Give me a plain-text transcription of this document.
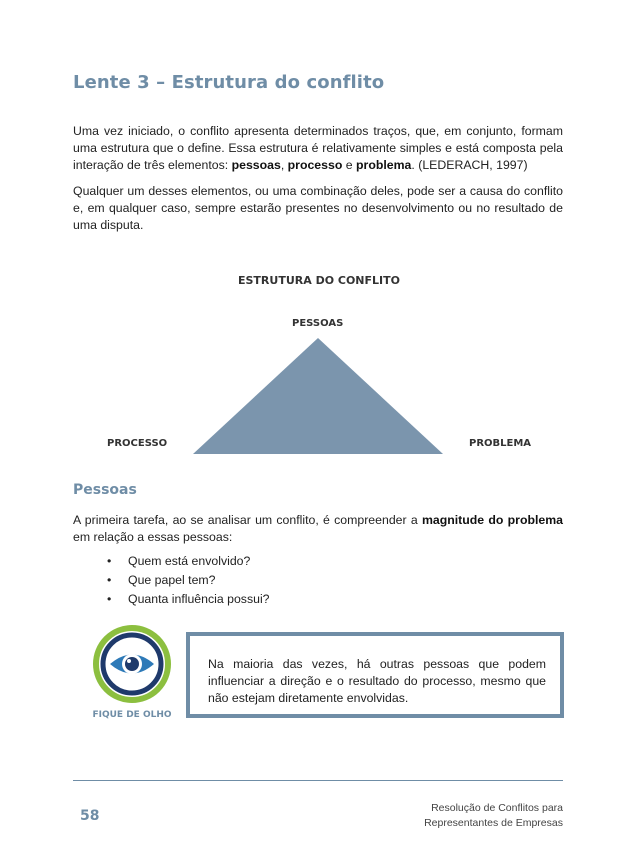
Lente 3 – Estrutura do conflito

Uma vez iniciado, o conflito apresenta determinados traços, que, em conjunto, formam uma estrutura que o define. Essa estrutura é relativamente simples e está composta pela interação de três elementos: pessoas, processo e problema. (LEDERACH, 1997)

Qualquer um desses elementos, ou uma combinação deles, pode ser a causa do conflito e, em qualquer caso, sempre estarão presentes no desenvolvimento ou no resultado de uma disputa.

ESTRUTURA DO CONFLITO
PESSOAS
PROCESSO	PROBLEMA
Pessoas

A primeira tarefa, ao se analisar um conflito, é compreender a magnitude do problema em relação a essas pessoas:

• Quem está envolvido?
• Que papel tem?
• Quanta influência possui?
FIQUE DE OLHO
Na maioria das vezes, há outras pessoas que podem influenciar a direção e o resultado do processo, mesmo que não estejam diretamente envolvidas.
58	Resolução de Conflitos para
Representantes de Empresas
